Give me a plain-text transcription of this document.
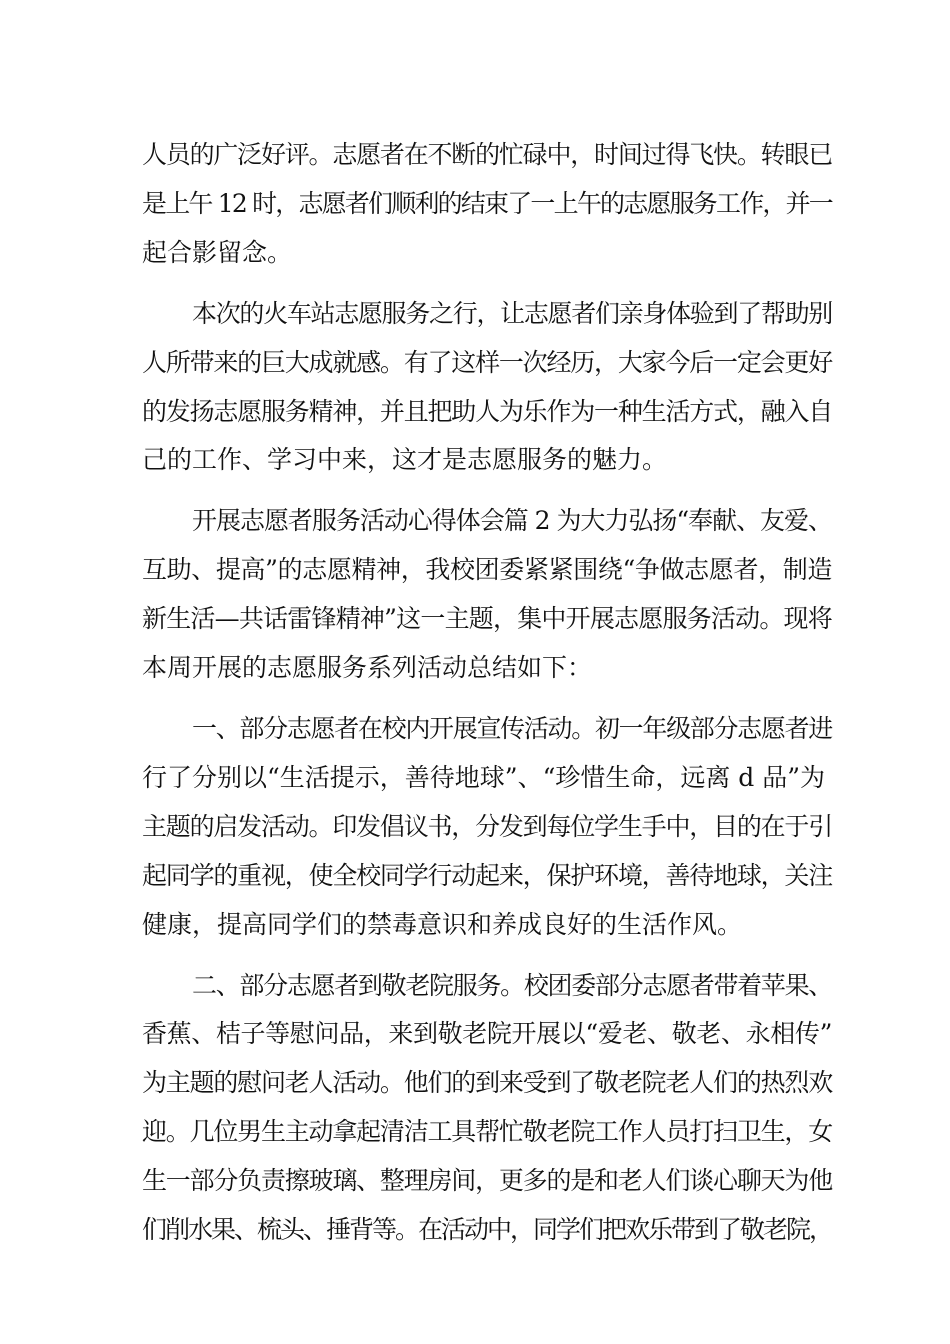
人员的广泛好评。志愿者在不断的忙碌中，时间过得飞快。转眼已
是上午 12 时，志愿者们顺利的结束了一上午的志愿服务工作，并一
起合影留念。
本次的火车站志愿服务之行，让志愿者们亲身体验到了帮助别
人所带来的巨大成就感。有了这样一次经历，大家今后一定会更好
的发扬志愿服务精神，并且把助人为乐作为一种生活方式，融入自
己的工作、学习中来，这才是志愿服务的魅力。
开展志愿者服务活动心得体会篇 2 为大力弘扬“奉献、友爱、
互助、提高”的志愿精神，我校团委紧紧围绕“争做志愿者，制造
新生活—共话雷锋精神”这一主题，集中开展志愿服务活动。现将
本周开展的志愿服务系列活动总结如下：
一、部分志愿者在校内开展宣传活动。初一年级部分志愿者进
行了分别以“生活提示，善待地球”、“珍惜生命，远离 d 品”为
主题的启发活动。印发倡议书，分发到每位学生手中，目的在于引
起同学的重视，使全校同学行动起来，保护环境，善待地球，关注
健康，提高同学们的禁毒意识和养成良好的生活作风。
二、部分志愿者到敬老院服务。校团委部分志愿者带着苹果、
香蕉、桔子等慰问品，来到敬老院开展以“爱老、敬老、永相传”
为主题的慰问老人活动。他们的到来受到了敬老院老人们的热烈欢
迎。几位男生主动拿起清洁工具帮忙敬老院工作人员打扫卫生，女
生一部分负责擦玻璃、整理房间，更多的是和老人们谈心聊天为他
们削水果、梳头、捶背等。在活动中，同学们把欢乐带到了敬老院，
